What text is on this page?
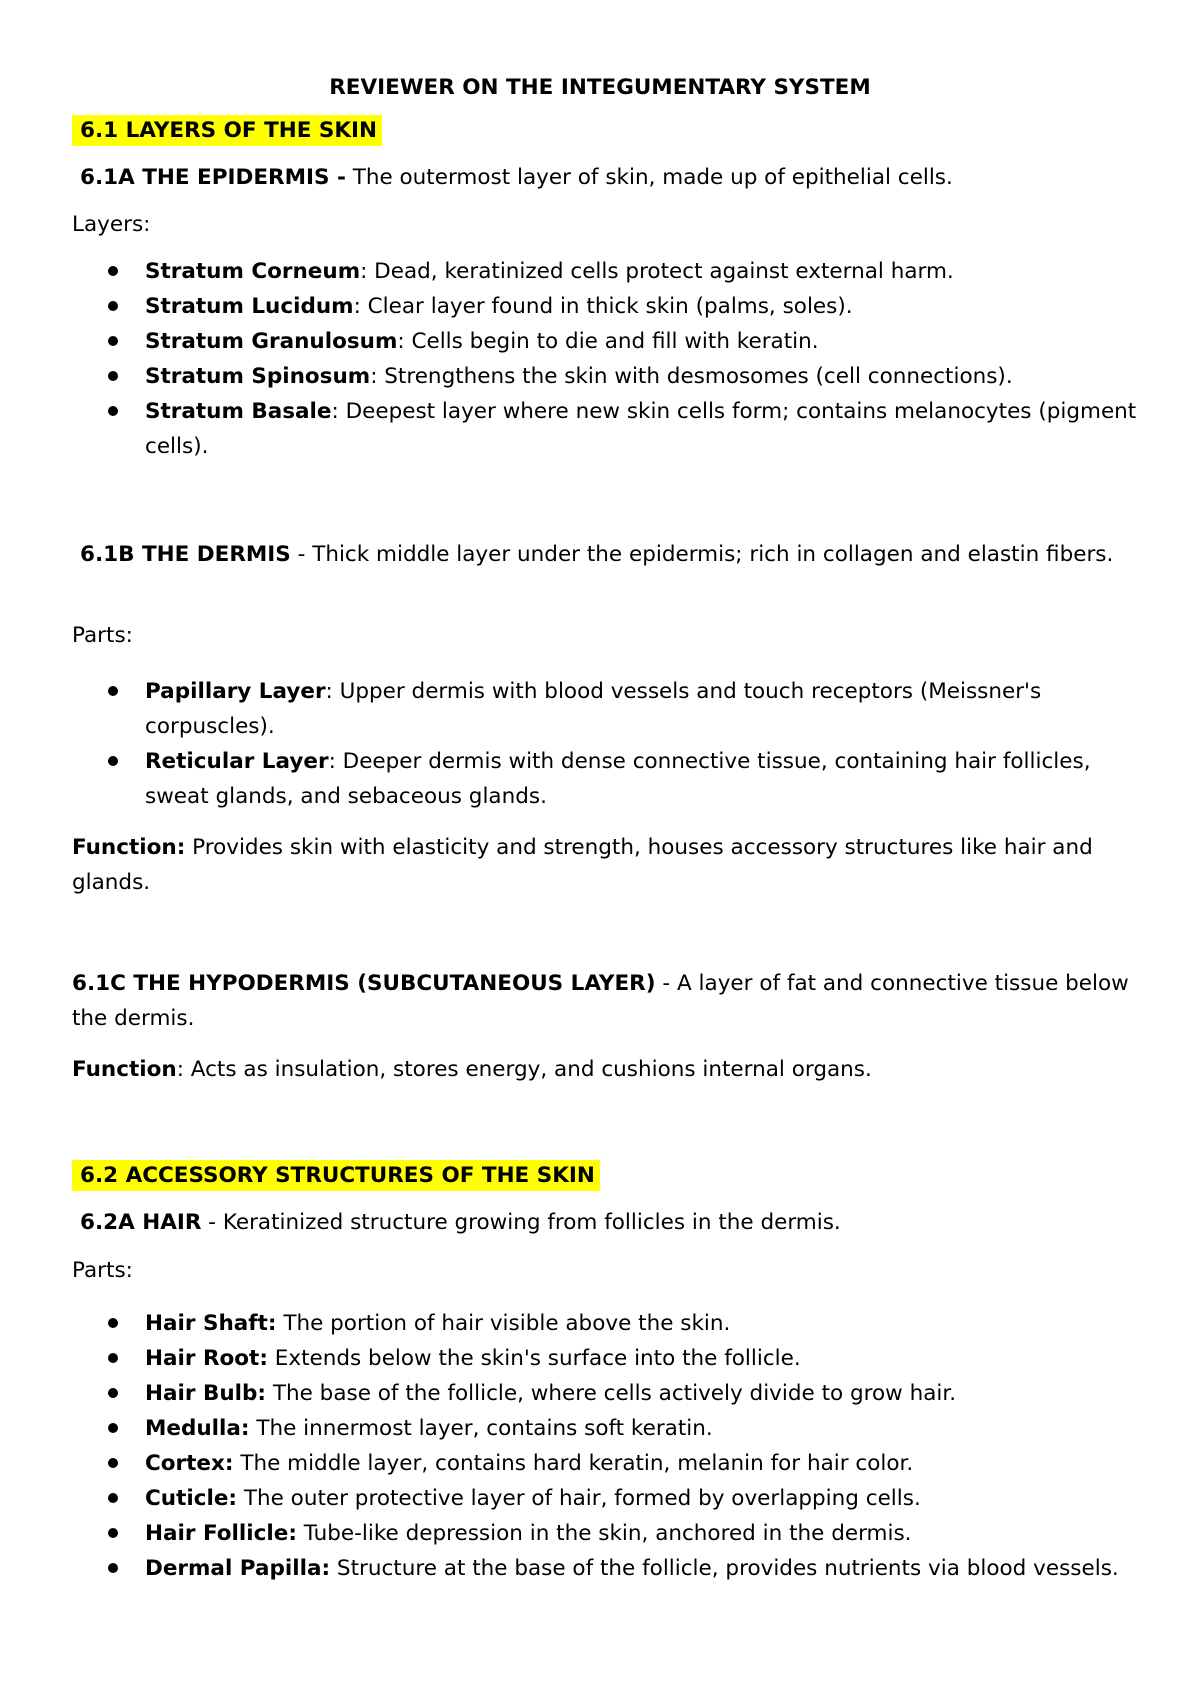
REVIEWER ON THE INTEGUMENTARY SYSTEM

6.1 LAYERS OF THE SKIN

6.1A THE EPIDERMIS - The outermost layer of skin, made up of epithelial cells.

Layers:

Stratum Corneum: Dead, keratinized cells protect against external harm.
Stratum Lucidum: Clear layer found in thick skin (palms, soles).
Stratum Granulosum: Cells begin to die and fill with keratin.
Stratum Spinosum: Strengthens the skin with desmosomes (cell connections).
Stratum Basale: Deepest layer where new skin cells form; contains melanocytes (pigment cells).

6.1B THE DERMIS - Thick middle layer under the epidermis; rich in collagen and elastin fibers.

Parts:

Papillary Layer: Upper dermis with blood vessels and touch receptors (Meissner's corpuscles).
Reticular Layer: Deeper dermis with dense connective tissue, containing hair follicles, sweat glands, and sebaceous glands.

Function: Provides skin with elasticity and strength, houses accessory structures like hair and glands.

6.1C THE HYPODERMIS (SUBCUTANEOUS LAYER) - A layer of fat and connective tissue below the dermis.

Function: Acts as insulation, stores energy, and cushions internal organs.

6.2 ACCESSORY STRUCTURES OF THE SKIN

6.2A HAIR - Keratinized structure growing from follicles in the dermis.

Parts:

Hair Shaft: The portion of hair visible above the skin.
Hair Root: Extends below the skin's surface into the follicle.
Hair Bulb: The base of the follicle, where cells actively divide to grow hair.
Medulla: The innermost layer, contains soft keratin.
Cortex: The middle layer, contains hard keratin, melanin for hair color.
Cuticle: The outer protective layer of hair, formed by overlapping cells.
Hair Follicle: Tube-like depression in the skin, anchored in the dermis.
Dermal Papilla: Structure at the base of the follicle, provides nutrients via blood vessels.
